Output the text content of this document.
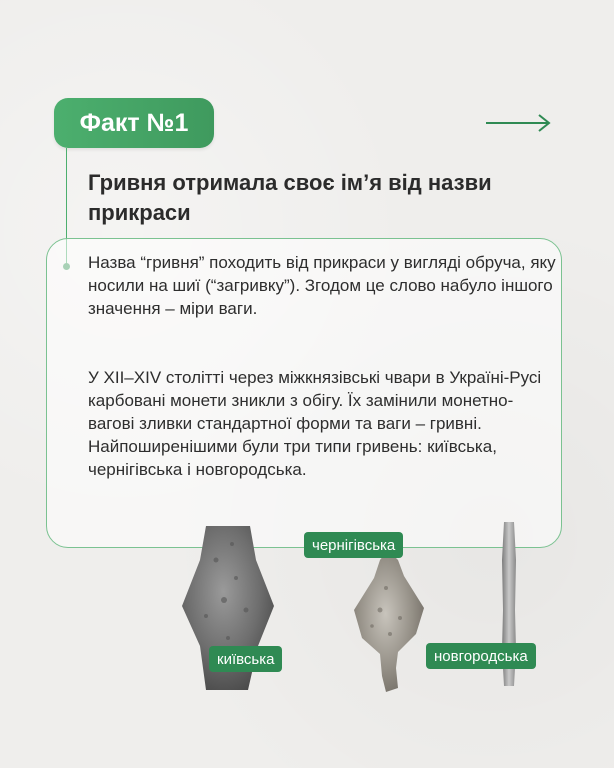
Факт №1
Гривня отримала своє ім’я від назви прикраси
Назва “гривня” походить від прикраси у вигляді обруча, яку носили на шиї (“загривку”). Згодом це слово набуло іншого значення – міри ваги.
У XII–XIV столітті через міжкнязівські чвари в Україні-Русі карбовані монети зникли з обігу. Їх замінили монетно-вагові зливки стандартної форми та ваги – гривні. Найпоширенішими були три типи гривень: київська, чернігівська і новгородська.
чернігівська
київська	новгородська
